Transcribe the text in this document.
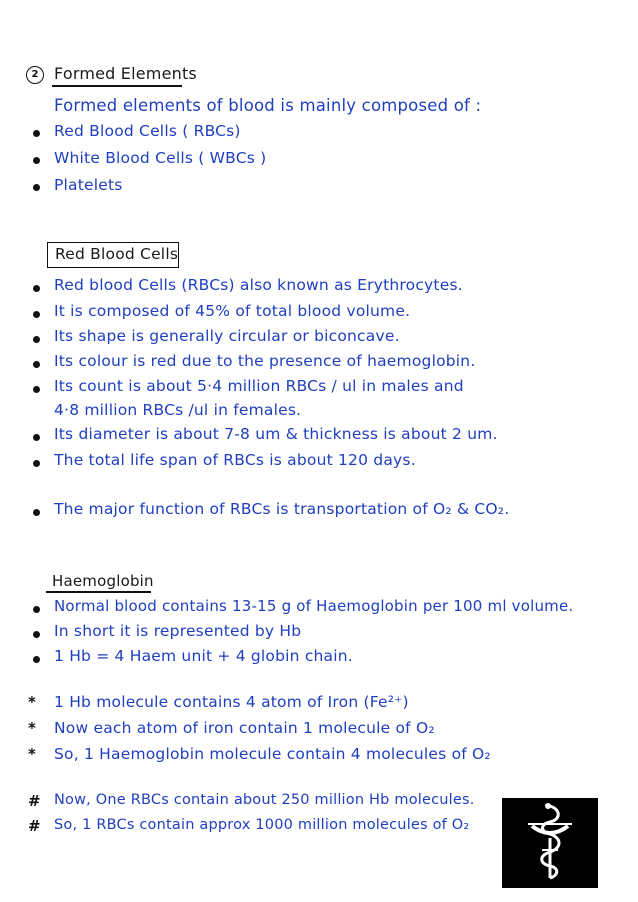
2 Formed Elements
Formed elements of blood is mainly composed of :
Red Blood Cells ( RBCs)
White Blood Cells ( WBCs )
Platelets
Red Blood Cells
Red blood Cells (RBCs) also known as Erythrocytes.
It is composed of 45% of total blood volume.
Its shape is generally circular or biconcave.
Its colour is red due to the presence of haemoglobin.
Its count is about 5·4 million RBCs / ul in males and
4·8 million RBCs /ul in females.
Its diameter is about 7-8 um & thickness is about 2 um.
The total life span of RBCs is about 120 days.
The major function of RBCs is transportation of O₂ & CO₂.
Haemoglobin
Normal blood contains 13-15 g of Haemoglobin per 100 ml volume.
In short it is represented by Hb
1 Hb = 4 Haem unit + 4 globin chain.
* 1 Hb molecule contains 4 atom of Iron (Fe²⁺)
* Now each atom of iron contain 1 molecule of O₂
* So, 1 Haemoglobin molecule contain 4 molecules of O₂
# Now, One RBCs contain about 250 million Hb molecules.
# So, 1 RBCs contain approx 1000 million molecules of O₂
